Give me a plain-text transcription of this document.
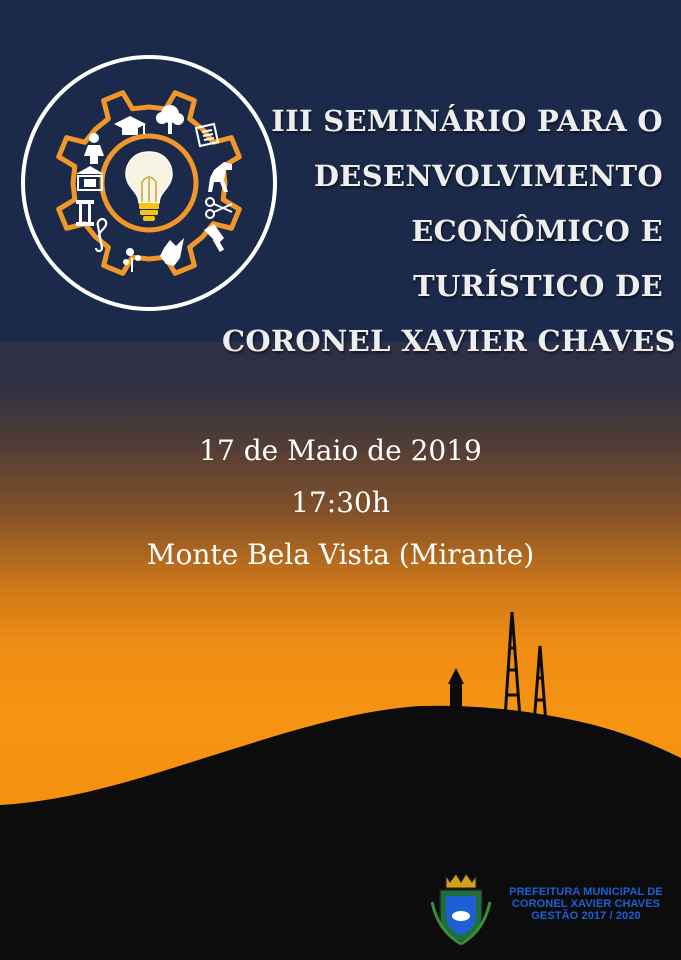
III SEMINÁRIO PARA O
DESENVOLVIMENTO
ECONÔMICO E
TURÍSTICO DE
CORONEL XAVIER CHAVES
17 de Maio de 2019
17:30h
Monte Bela Vista (Mirante)
PREFEITURA MUNICIPAL DE
CORONEL XAVIER CHAVES
GESTÃO 2017 / 2020
